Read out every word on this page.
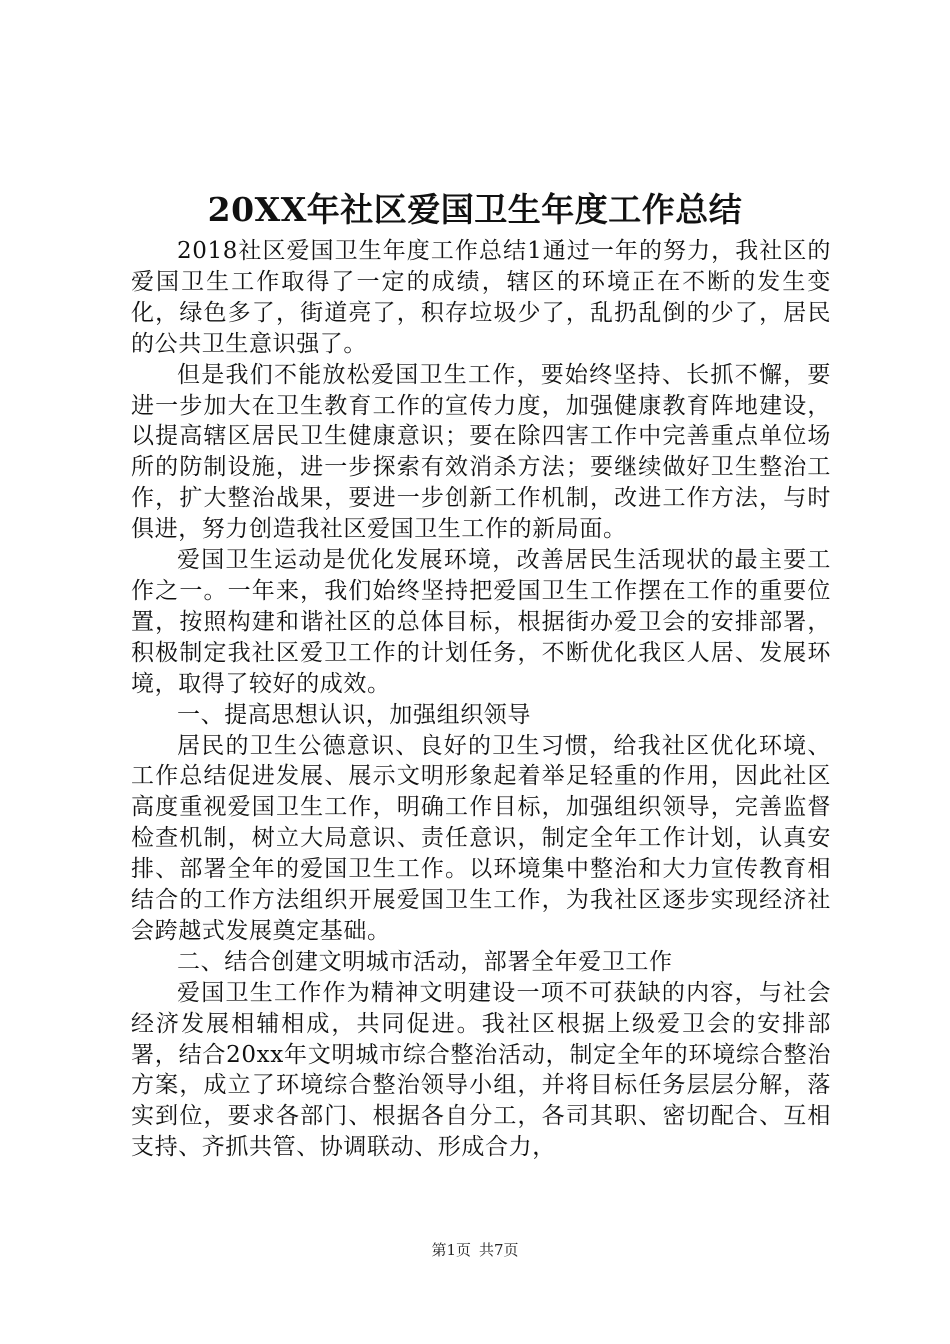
20XX年社区爱国卫生年度工作总结

2018社区爱国卫生年度工作总结1通过一年的努力，我社区的爱国卫生工作取得了一定的成绩，辖区的环境正在不断的发生变化，绿色多了，街道亮了，积存垃圾少了，乱扔乱倒的少了，居民的公共卫生意识强了。

但是我们不能放松爱国卫生工作，要始终坚持、长抓不懈，要进一步加大在卫生教育工作的宣传力度，加强健康教育阵地建设，以提高辖区居民卫生健康意识；要在除四害工作中完善重点单位场所的防制设施，进一步探索有效消杀方法；要继续做好卫生整治工作，扩大整治战果，要进一步创新工作机制，改进工作方法，与时俱进，努力创造我社区爱国卫生工作的新局面。

爱国卫生运动是优化发展环境，改善居民生活现状的最主要工作之一。一年来，我们始终坚持把爱国卫生工作摆在工作的重要位置，按照构建和谐社区的总体目标，根据街办爱卫会的安排部署，积极制定我社区爱卫工作的计划任务，不断优化我区人居、发展环境，取得了较好的成效。

一、提高思想认识，加强组织领导

居民的卫生公德意识、良好的卫生习惯，给我社区优化环境、工作总结促进发展、展示文明形象起着举足轻重的作用，因此社区高度重视爱国卫生工作，明确工作目标，加强组织领导，完善监督检查机制，树立大局意识、责任意识，制定全年工作计划，认真安排、部署全年的爱国卫生工作。以环境集中整治和大力宣传教育相结合的工作方法组织开展爱国卫生工作，为我社区逐步实现经济社会跨越式发展奠定基础。

二、结合创建文明城市活动，部署全年爱卫工作

爱国卫生工作作为精神文明建设一项不可获缺的内容，与社会经济发展相辅相成，共同促进。我社区根据上级爱卫会的安排部署，结合20xx年文明城市综合整治活动，制定全年的环境综合整治方案，成立了环境综合整治领导小组，并将目标任务层层分解，落实到位，要求各部门、根据各自分工，各司其职、密切配合、互相支持、齐抓共管、协调联动、形成合力，

第1页 共7页
